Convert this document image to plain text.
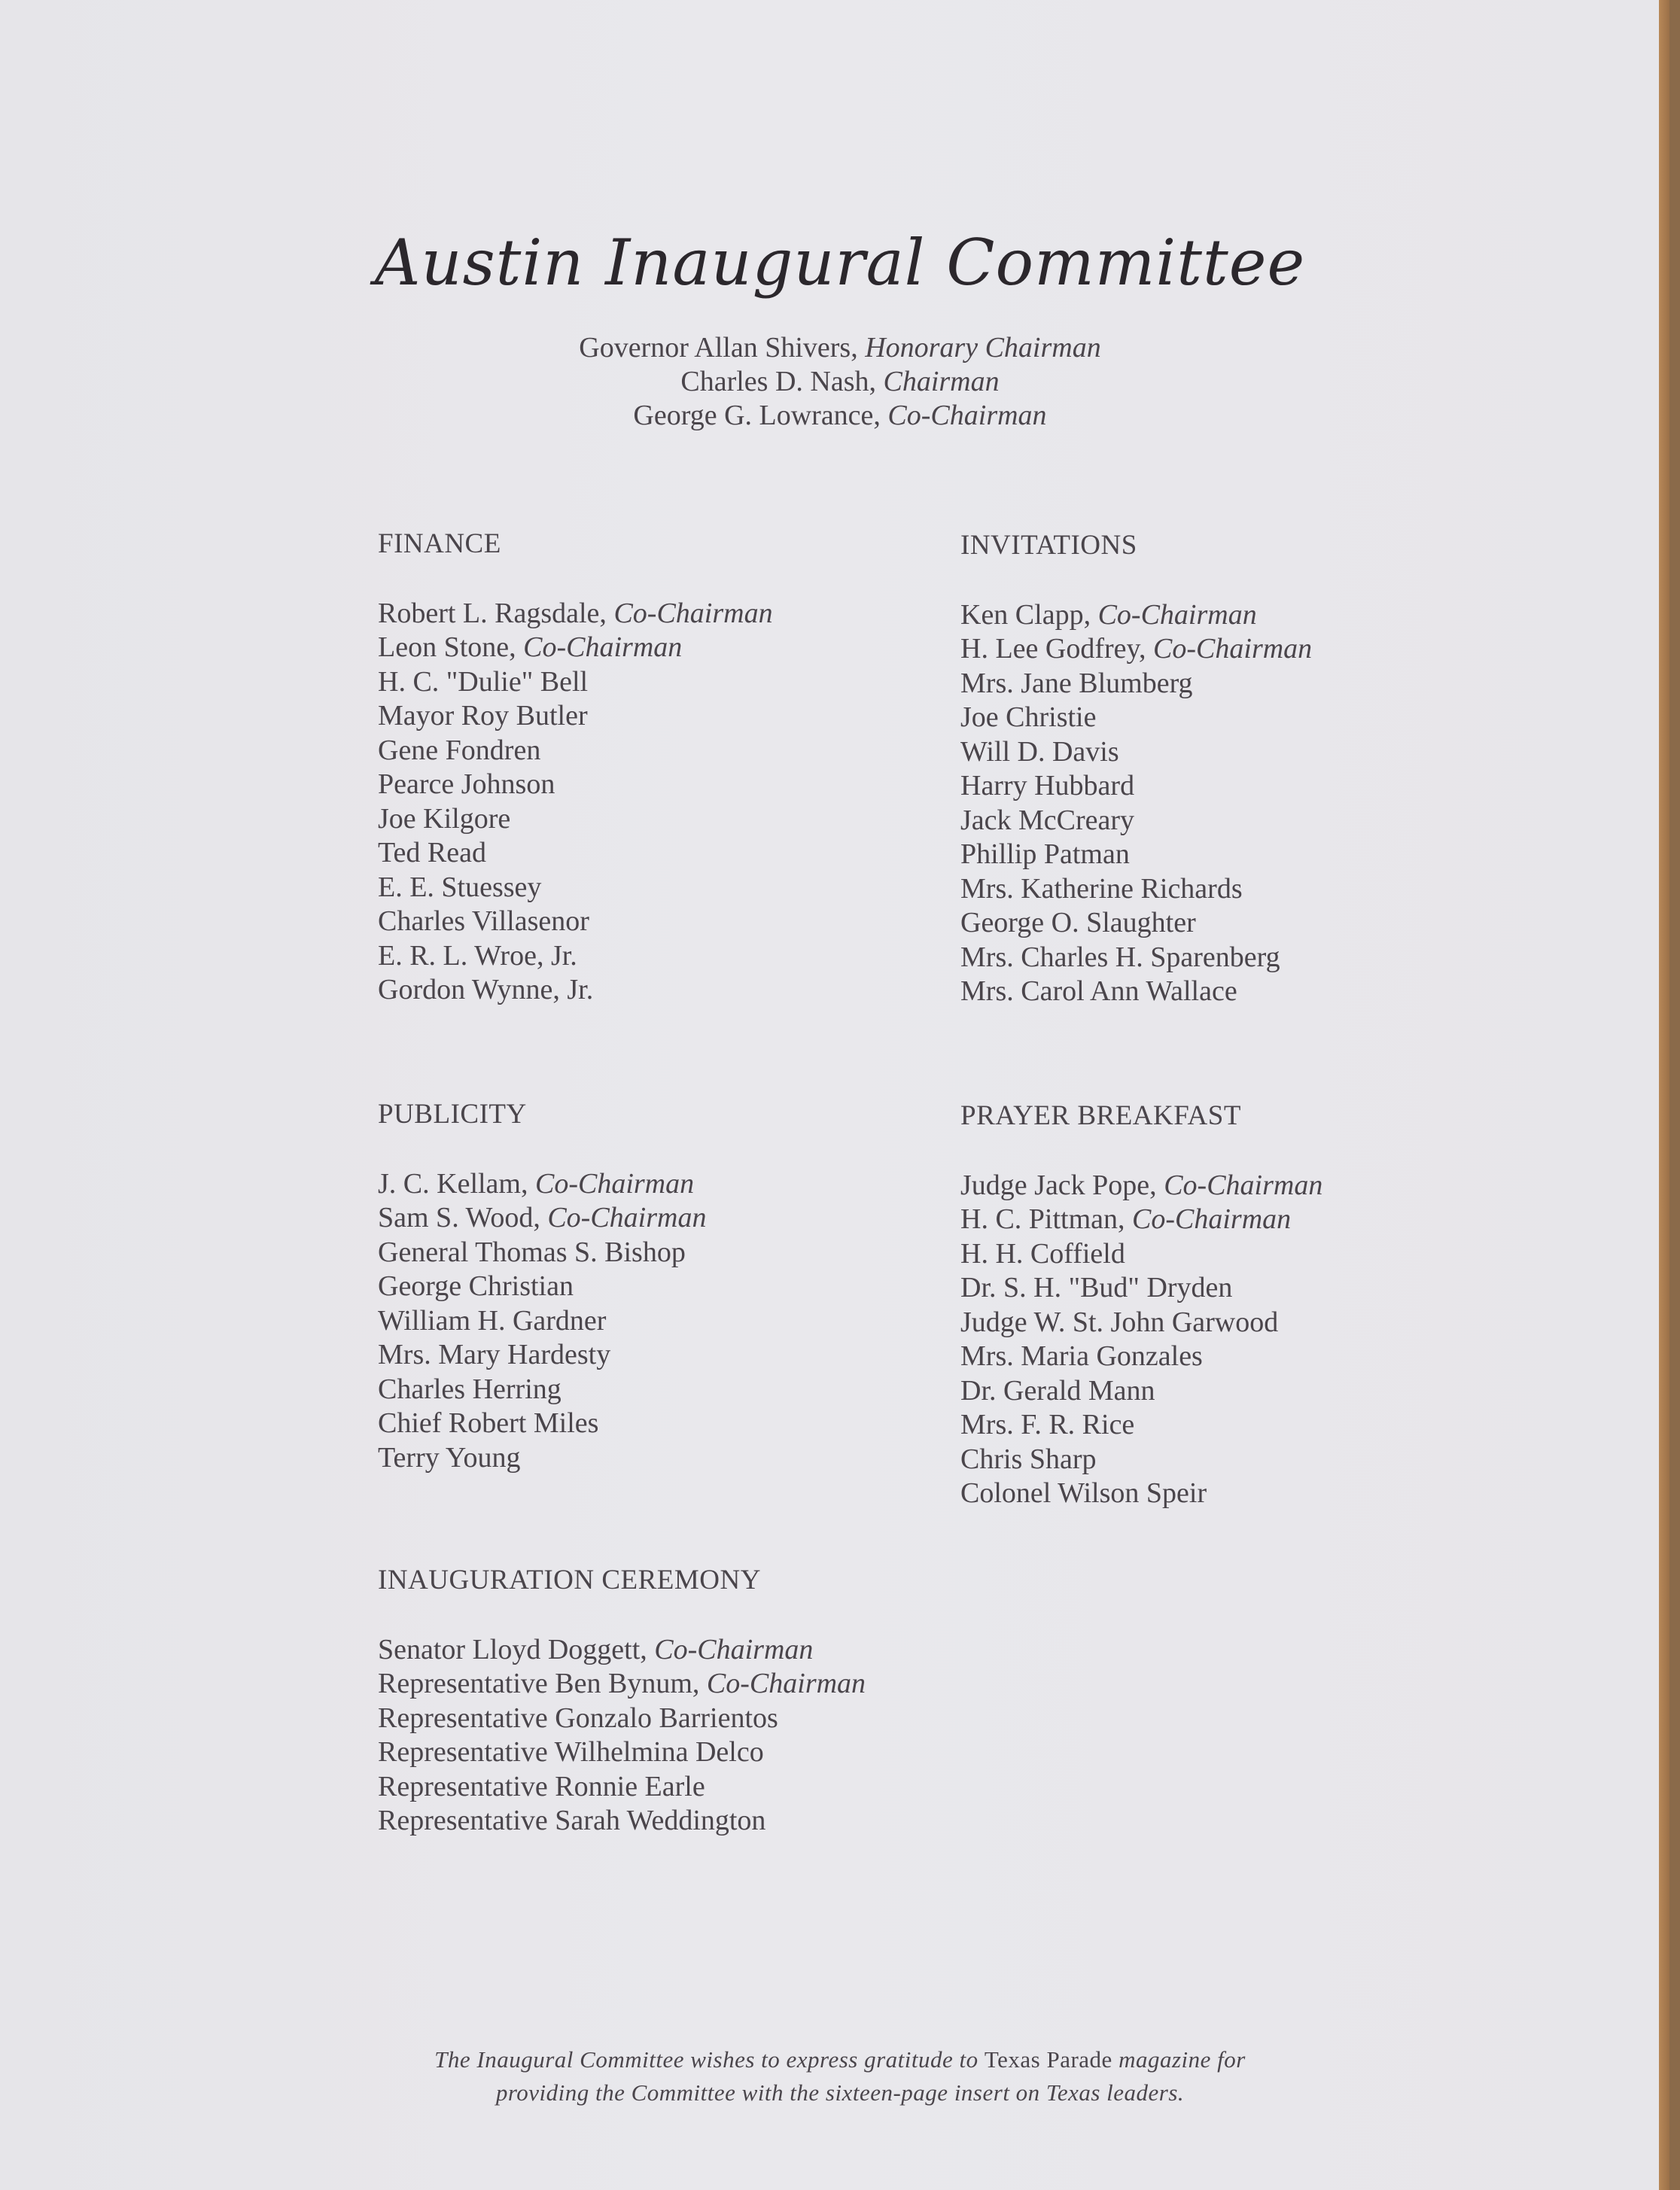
Austin Inaugural Committee
Governor Allan Shivers, Honorary Chairman
Charles D. Nash, Chairman
George G. Lowrance, Co-Chairman
FINANCE
Robert L. Ragsdale, Co-Chairman
Leon Stone, Co-Chairman
H. C. "Dulie" Bell
Mayor Roy Butler
Gene Fondren
Pearce Johnson
Joe Kilgore
Ted Read
E. E. Stuessey
Charles Villasenor
E. R. L. Wroe, Jr.
Gordon Wynne, Jr.
INVITATIONS
Ken Clapp, Co-Chairman
H. Lee Godfrey, Co-Chairman
Mrs. Jane Blumberg
Joe Christie
Will D. Davis
Harry Hubbard
Jack McCreary
Phillip Patman
Mrs. Katherine Richards
George O. Slaughter
Mrs. Charles H. Sparenberg
Mrs. Carol Ann Wallace
PUBLICITY
J. C. Kellam, Co-Chairman
Sam S. Wood, Co-Chairman
General Thomas S. Bishop
George Christian
William H. Gardner
Mrs. Mary Hardesty
Charles Herring
Chief Robert Miles
Terry Young
PRAYER BREAKFAST
Judge Jack Pope, Co-Chairman
H. C. Pittman, Co-Chairman
H. H. Coffield
Dr. S. H. "Bud" Dryden
Judge W. St. John Garwood
Mrs. Maria Gonzales
Dr. Gerald Mann
Mrs. F. R. Rice
Chris Sharp
Colonel Wilson Speir
INAUGURATION CEREMONY
Senator Lloyd Doggett, Co-Chairman
Representative Ben Bynum, Co-Chairman
Representative Gonzalo Barrientos
Representative Wilhelmina Delco
Representative Ronnie Earle
Representative Sarah Weddington
The Inaugural Committee wishes to express gratitude to Texas Parade magazine for
providing the Committee with the sixteen-page insert on Texas leaders.
